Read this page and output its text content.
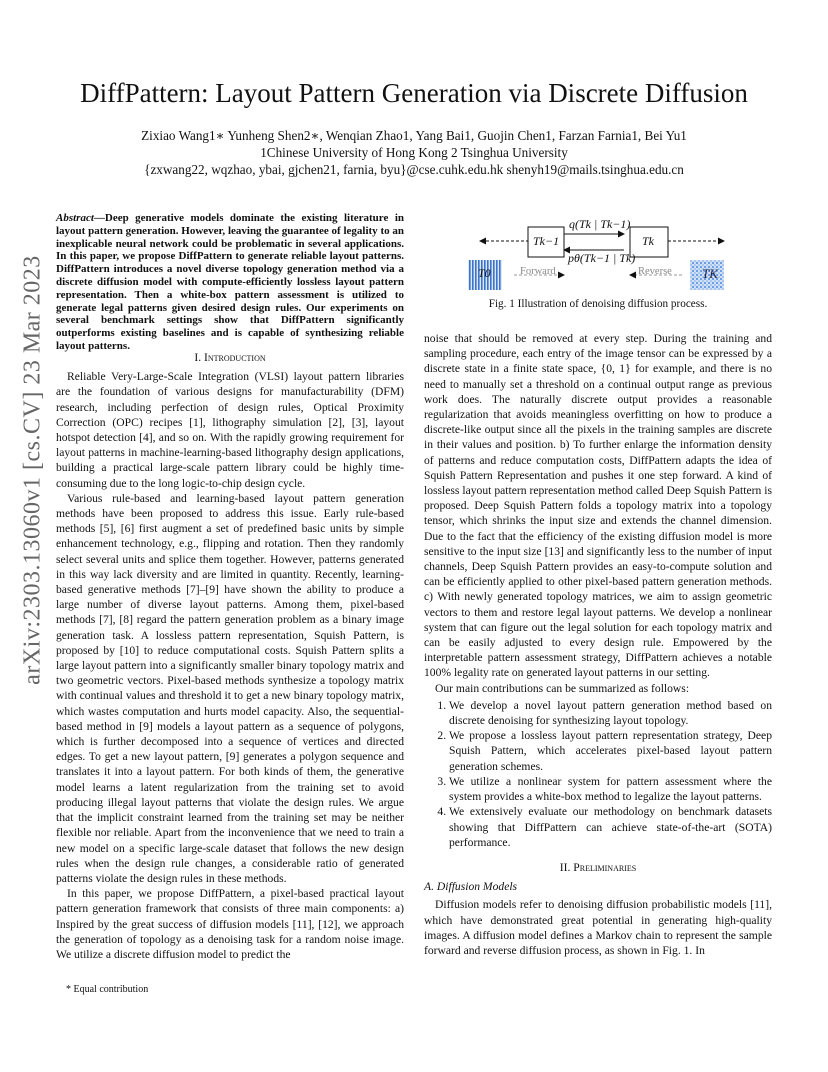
DiffPattern: Layout Pattern Generation via Discrete Diffusion
Zixiao Wang1∗ Yunheng Shen2∗, Wenqian Zhao1, Yang Bai1, Guojin Chen1, Farzan Farnia1, Bei Yu1
1Chinese University of Hong Kong 2 Tsinghua University
{zxwang22, wqzhao, ybai, gjchen21, farnia, byu}@cse.cuhk.edu.hk shenyh19@mails.tsinghua.edu.cn
arXiv:2303.13060v1 [cs.CV] 23 Mar 2023
Abstract—Deep generative models dominate the existing literature in layout pattern generation. However, leaving the guarantee of legality to an inexplicable neural network could be problematic in several applications. In this paper, we propose DiffPattern to generate reliable layout patterns. DiffPattern introduces a novel diverse topology generation method via a discrete diffusion model with compute-efficiently lossless layout pattern representation. Then a white-box pattern assessment is utilized to generate legal patterns given desired design rules. Our experiments on several benchmark settings show that DiffPattern significantly outperforms existing baselines and is capable of synthesizing reliable layout patterns.
I. Introduction

Reliable Very-Large-Scale Integration (VLSI) layout pattern libraries are the foundation of various designs for manufacturability (DFM) research, including perfection of design rules, Optical Proximity Correction (OPC) recipes [1], lithography simulation [2], [3], layout hotspot detection [4], and so on. With the rapidly growing requirement for layout patterns in machine-learning-based lithography design applications, building a practical large-scale pattern library could be highly time-consuming due to the long logic-to-chip design cycle.

Various rule-based and learning-based layout pattern generation methods have been proposed to address this issue. Early rule-based methods [5], [6] first augment a set of predefined basic units by simple enhancement technology, e.g., flipping and rotation. Then they randomly select several units and splice them together. However, patterns generated in this way lack diversity and are limited in quantity. Recently, learning-based generative methods [7]–[9] have shown the ability to produce a large number of diverse layout patterns. Among them, pixel-based methods [7], [8] regard the pattern generation problem as a binary image generation task. A lossless pattern representation, Squish Pattern, is proposed by [10] to reduce computational costs. Squish Pattern splits a large layout pattern into a significantly smaller binary topology matrix and two geometric vectors. Pixel-based methods synthesize a topology matrix with continual values and threshold it to get a new binary topology matrix, which wastes computation and hurts model capacity. Also, the sequential-based method in [9] models a layout pattern as a sequence of polygons, which is further decomposed into a sequence of vertices and directed edges. To get a new layout pattern, [9] generates a polygon sequence and translates it into a layout pattern. For both kinds of them, the generative model learns a latent regularization from the training set to avoid producing illegal layout patterns that violate the design rules. We argue that the implicit constraint learned from the training set may be neither flexible nor reliable. Apart from the inconvenience that we need to train a new model on a specific large-scale dataset that follows the new design rules when the design rule changes, a considerable ratio of generated patterns violate the design rules in these methods.

In this paper, we propose DiffPattern, a pixel-based practical layout pattern generation framework that consists of three main components: a) Inspired by the great success of diffusion models [11], [12], we approach the generation of topology as a denoising task for a random noise image. We utilize a discrete diffusion model to predict the

* Equal contribution
q(Tk | Tk−1)
pθ(Tk−1 | Tk)
Tk−1	Tk
T0	TK
Forward	Reverse
Fig. 1 Illustration of denoising diffusion process.

noise that should be removed at every step. During the training and sampling procedure, each entry of the image tensor can be expressed by a discrete state in a finite state space, {0, 1} for example, and there is no need to manually set a threshold on a continual output range as previous work does. The naturally discrete output provides a reasonable regularization that avoids meaningless overfitting on how to produce a discrete-like output since all the pixels in the training samples are discrete in their values and position. b) To further enlarge the information density of patterns and reduce computation costs, DiffPattern adapts the idea of Squish Pattern Representation and pushes it one step forward. A kind of lossless layout pattern representation method called Deep Squish Pattern is proposed. Deep Squish Pattern folds a topology matrix into a topology tensor, which shrinks the input size and extends the channel dimension. Due to the fact that the efficiency of the existing diffusion model is more sensitive to the input size [13] and significantly less to the number of input channels, Deep Squish Pattern provides an easy-to-compute solution and can be efficiently applied to other pixel-based pattern generation methods. c) With newly generated topology matrices, we aim to assign geometric vectors to them and restore legal layout patterns. We develop a nonlinear system that can figure out the legal solution for each topology matrix and can be easily adjusted to every design rule. Empowered by the interpretable pattern assessment strategy, DiffPattern achieves a notable 100% legality rate on generated layout patterns in our setting.

Our main contributions can be summarized as follows:

1. We develop a novel layout pattern generation method based on discrete denoising for synthesizing layout topology.
2. We propose a lossless layout pattern representation strategy, Deep Squish Pattern, which accelerates pixel-based layout pattern generation schemes.
3. We utilize a nonlinear system for pattern assessment where the system provides a white-box method to legalize the layout patterns.
4. We extensively evaluate our methodology on benchmark datasets showing that DiffPattern can achieve state-of-the-art (SOTA) performance.
II. Preliminaries
A. Diffusion Models

Diffusion models refer to denoising diffusion probabilistic models [11], which have demonstrated great potential in generating high-quality images. A diffusion model defines a Markov chain to represent the sample forward and reverse diffusion process, as shown in Fig. 1. In
